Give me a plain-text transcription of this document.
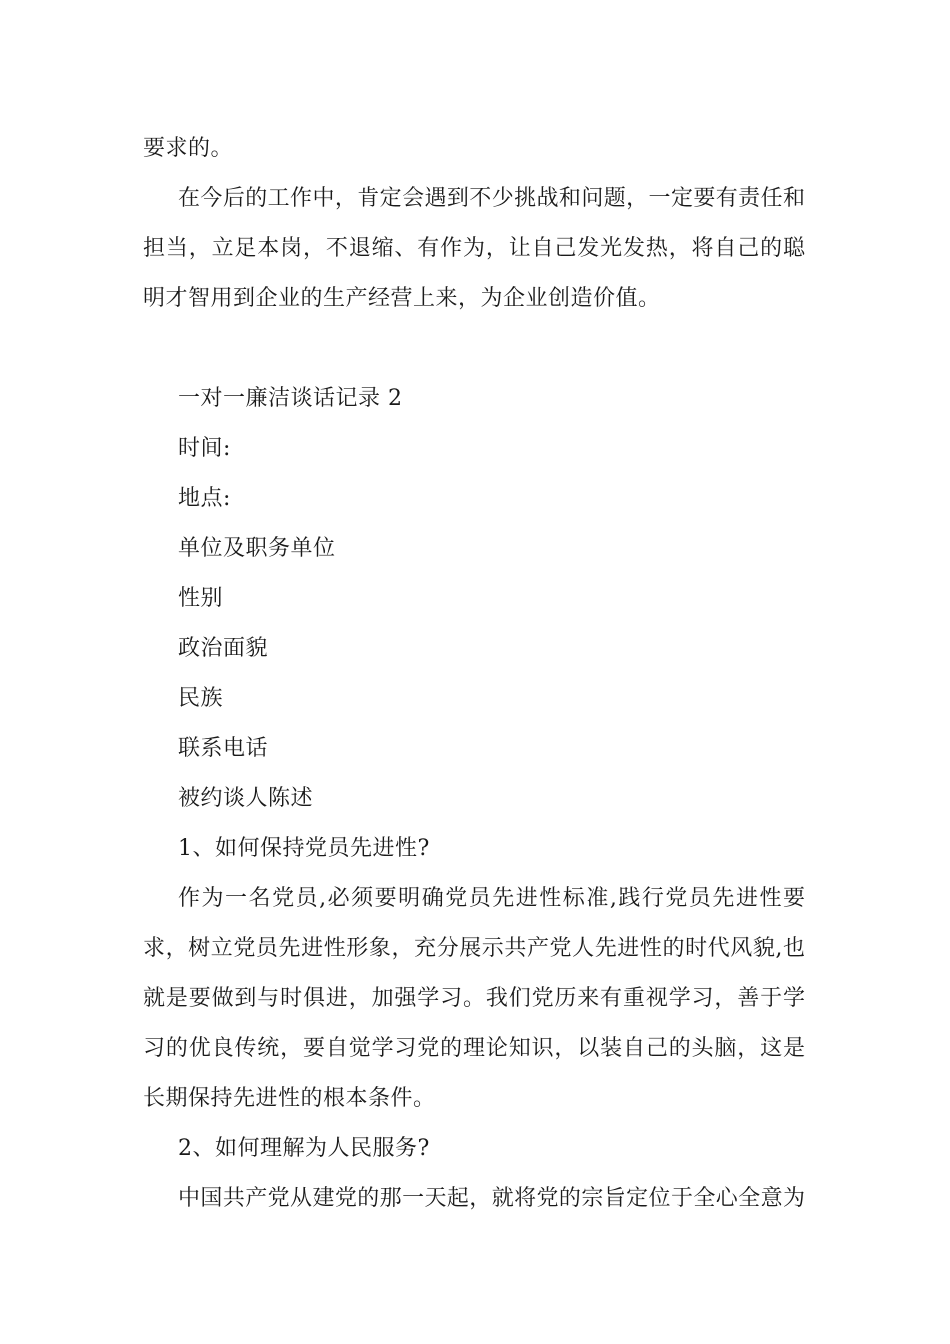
要求的。
在今后的工作中，肯定会遇到不少挑战和问题，一定要有责任和
担当，立足本岗，不退缩、有作为，让自己发光发热，将自己的聪
明才智用到企业的生产经营上来，为企业创造价值。
一对一廉洁谈话记录 2
时间:
地点:
单位及职务单位
性别
政治面貌
民族
联系电话
被约谈人陈述
1、如何保持党员先进性?
作为一名党员,必须要明确党员先进性标准,践行党员先进性要
求，树立党员先进性形象，充分展示共产党人先进性的时代风貌,也
就是要做到与时俱进，加强学习。我们党历来有重视学习，善于学
习的优良传统，要自觉学习党的理论知识，以装自己的头脑，这是
长期保持先进性的根本条件。
2、如何理解为人民服务?
中国共产党从建党的那一天起，就将党的宗旨定位于全心全意为
